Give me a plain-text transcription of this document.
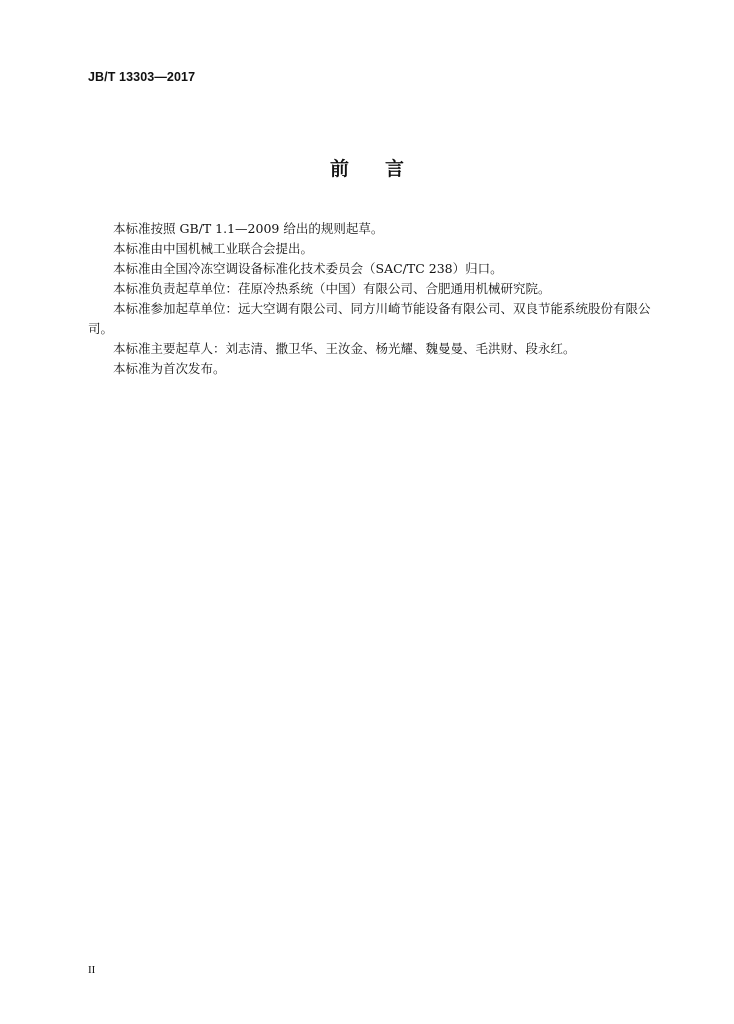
JB/T 13303—2017
前言

本标准按照 GB/T 1.1—2009 给出的规则起草。

本标准由中国机械工业联合会提出。

本标准由全国冷冻空调设备标准化技术委员会（SAC/TC 238）归口。

本标准负责起草单位：荏原冷热系统（中国）有限公司、合肥通用机械研究院。

本标准参加起草单位：远大空调有限公司、同方川崎节能设备有限公司、双良节能系统股份有限公司。

本标准主要起草人：刘志清、撒卫华、王汝金、杨光耀、魏曼曼、毛洪财、段永红。

本标准为首次发布。

II
